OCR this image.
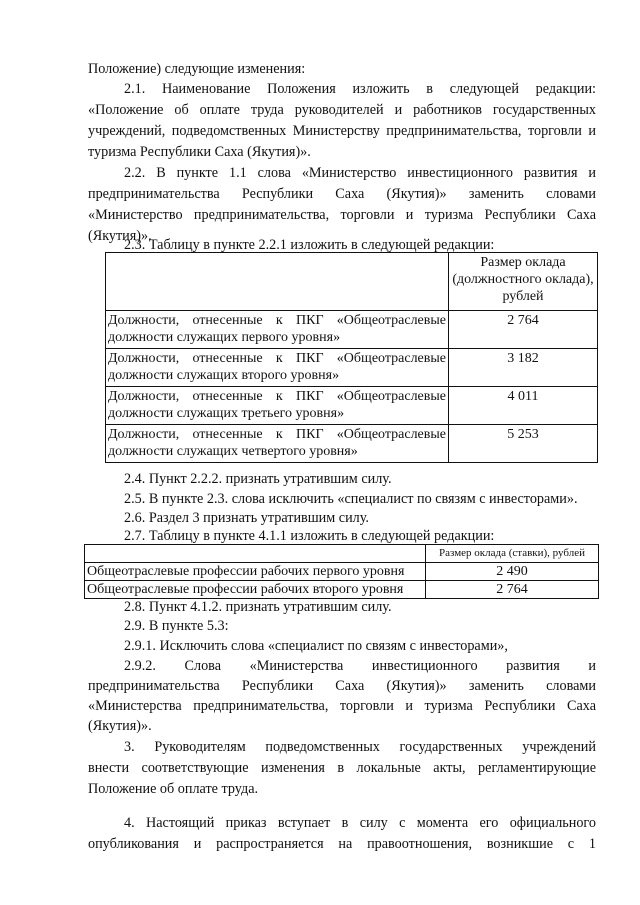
Положение) следующие изменения:
2.1. Наименование Положения изложить в следующей редакции:
«Положение об оплате труда руководителей и работников государственных
учреждений, подведомственных Министерству предпринимательства, торговли и
туризма Республики Саха (Якутия)».
2.2. В пункте 1.1 слова «Министерство инвестиционного развития и
предпринимательства Республики Саха (Якутия)» заменить словами
«Министерство предпринимательства, торговли и туризма Республики Саха
(Якутия)».
2.3. Таблицу в пункте 2.2.1 изложить в следующей редакции:

	Размер оклада
(должностного оклада),
рублей

Должности, отнесенные к ПКГ «Общеотраслевые
должности служащих первого уровня»	2 764

Должности, отнесенные к ПКГ «Общеотраслевые
должности служащих второго уровня»	3 182

Должности, отнесенные к ПКГ «Общеотраслевые
должности служащих третьего уровня»	4 011

Должности, отнесенные к ПКГ «Общеотраслевые
должности служащих четвертого уровня»	5 253
2.4. Пункт 2.2.2. признать утратившим силу.
2.5. В пункте 2.3. слова исключить «специалист по связям с инвесторами».
2.6. Раздел 3 признать утратившим силу.
2.7. Таблицу в пункте 4.1.1 изложить в следующей редакции:
	Размер оклада (ставки), рублей
Общеотраслевые профессии рабочих первого уровня	2 490
Общеотраслевые профессии рабочих второго уровня	2 764
2.8. Пункт 4.1.2. признать утратившим силу.
2.9. В пункте 5.3:
2.9.1. Исключить слова «специалист по связям с инвесторами»,
2.9.2. Слова «Министерства инвестиционного развития и
предпринимательства Республики Саха (Якутия)» заменить словами
«Министерства предпринимательства, торговли и туризма Республики Саха
(Якутия)».
3. Руководителям подведомственных государственных учреждений
внести соответствующие изменения в локальные акты, регламентирующие
Положение об оплате труда.
4. Настоящий приказ вступает в силу с момента его официального
опубликования и распространяется на правоотношения, возникшие с 1
